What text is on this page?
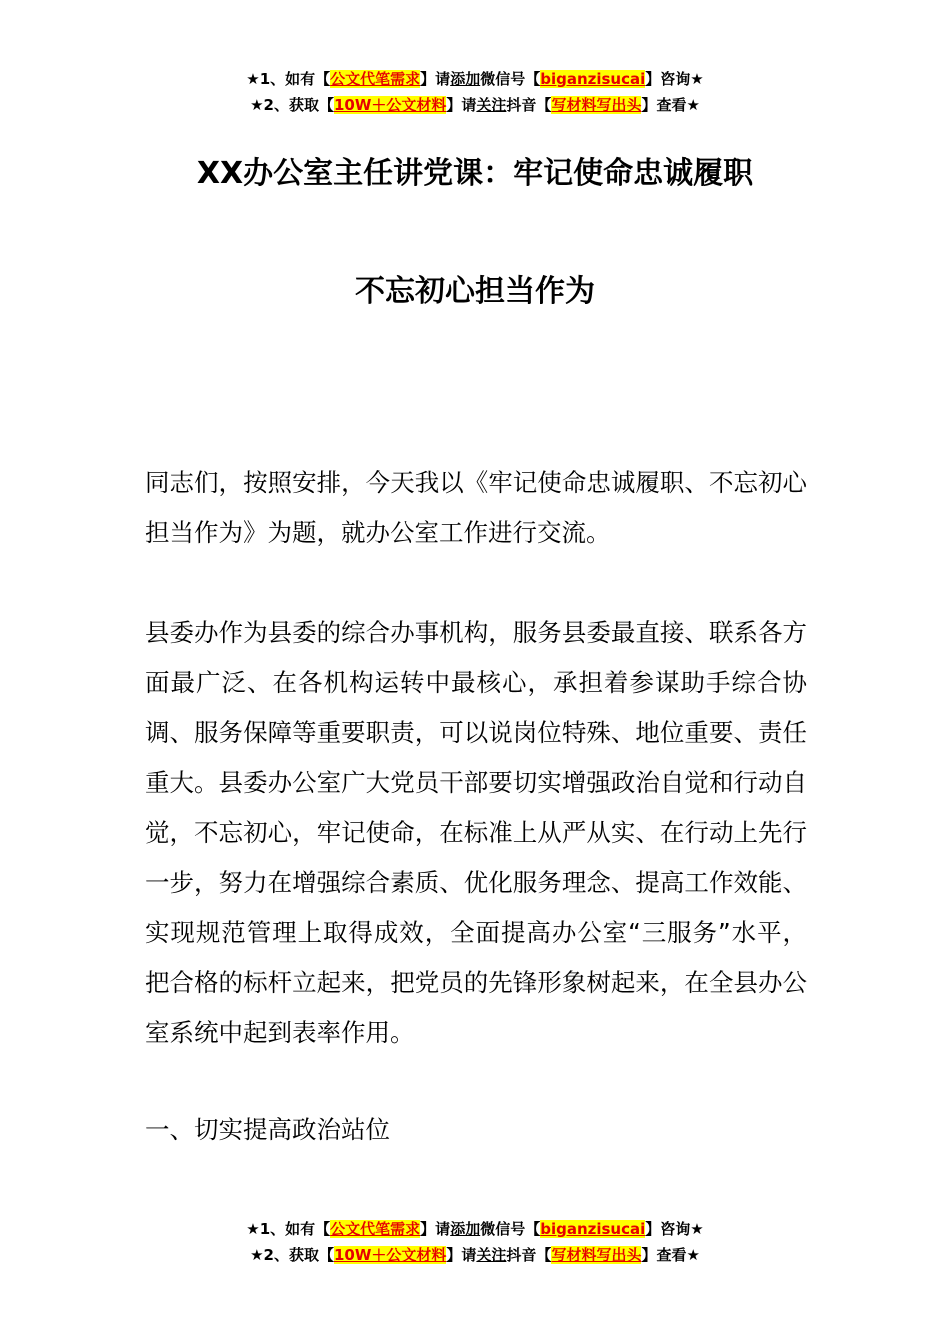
★1、如有【公文代笔需求】请添加微信号【biganzisucai】咨询★
★2、获取【10W＋公文材料】请关注抖音【写材料写出头】查看★
XX办公室主任讲党课：牢记使命忠诚履职
不忘初心担当作为

同志们，按照安排，今天我以《牢记使命忠诚履职、不忘初心担当作为》为题，就办公室工作进行交流。

县委办作为县委的综合办事机构，服务县委最直接、联系各方面最广泛、在各机构运转中最核心，承担着参谋助手综合协调、服务保障等重要职责，可以说岗位特殊、地位重要、责任重大。县委办公室广大党员干部要切实增强政治自觉和行动自觉，不忘初心，牢记使命，在标准上从严从实、在行动上先行一步，努力在增强综合素质、优化服务理念、提高工作效能、实现规范管理上取得成效，全面提高办公室“三服务”水平，把合格的标杆立起来，把党员的先锋形象树起来，在全县办公室系统中起到表率作用。

一、切实提高政治站位

★1、如有【公文代笔需求】请添加微信号【biganzisucai】咨询★
★2、获取【10W＋公文材料】请关注抖音【写材料写出头】查看★
